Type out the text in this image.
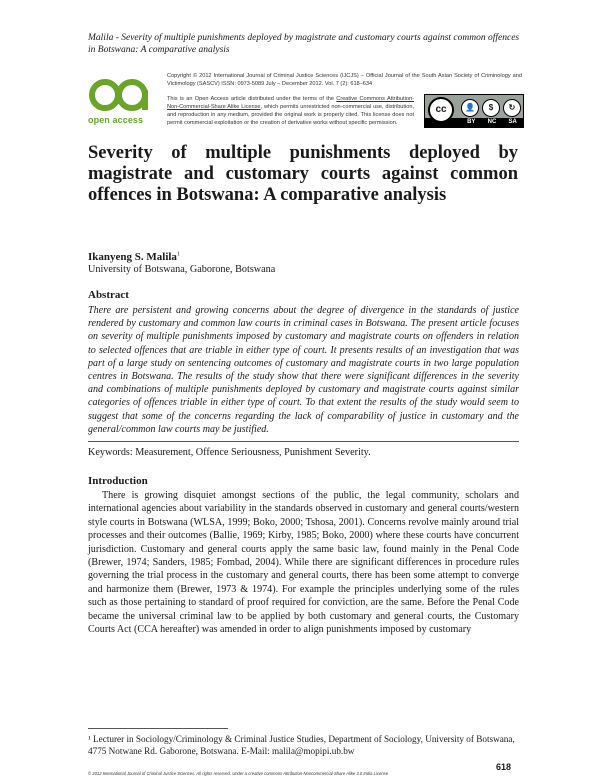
Malila - Severity of multiple punishments deployed by magistrate and customary courts against common offences in Botswana: A comparative analysis
open access
Copyright © 2012 International Journal of Criminal Justice Sciences (IJCJS) – Official Journal of the South Asian Society of Criminology and Victimology (SASCV) ISSN: 0973-5089 July – December 2012. Vol. 7 (2): 618–634
This is an Open Access article distributed under the terms of the Creative Commons Attribution-Non-Commercial-Share Alike License, which permits unrestricted non-commercial use, distribution, and reproduction in any medium, provided the original work is properly cited. This license does not permit commercial exploitation or the creation of derivative works without specific permission.
cc	👤	$	↻
BY NC SA
Severity of multiple punishments deployed by magistrate and customary courts against common offences in Botswana: A comparative analysis
Ikanyeng S. Malila$^1$
University of Botswana, Gaborone, Botswana
Abstract
There are persistent and growing concerns about the degree of divergence in the standards of justice rendered by customary and common law courts in criminal cases in Botswana. The present article focuses on severity of multiple punishments imposed by customary and magistrate courts on offenders in relation to selected offences that are triable in either type of court. It presents results of an investigation that was part of a large study on sentencing outcomes of customary and magistrate courts in two large population centres in Botswana. The results of the study show that there were significant differences in the severity and combinations of multiple punishments deployed by customary and magistrate courts against similar categories of offences triable in either type of court. To that extent the results of the study would seem to suggest that some of the concerns regarding the lack of comparability of justice in customary and the general/common law courts may be justified.
Keywords: Measurement, Offence Seriousness, Punishment Severity.
Introduction
There is growing disquiet amongst sections of the public, the legal community, scholars and international agencies about variability in the standards observed in customary and general courts/western style courts in Botswana (WLSA, 1999; Boko, 2000; Tshosa, 2001). Concerns revolve mainly around trial processes and their outcomes (Ballie, 1969; Kirby, 1985; Boko, 2000) where these courts have concurrent jurisdiction. Customary and general courts apply the same basic law, found mainly in the Penal Code (Brewer, 1974; Sanders, 1985; Fombad, 2004). While there are significant differences in procedure rules governing the trial process in the customary and general courts, there has been some attempt to converge and harmonize them (Brewer, 1973 & 1974). For example the principles underlying some of the rules such as those pertaining to standard of proof required for conviction, are the same. Before the Penal Code became the universal criminal law to be applied by both customary and general courts, the Customary Courts Act (CCA hereafter) was amended in order to align punishments imposed by customary
¹ Lecturer in Sociology/Criminology & Criminal Justice Studies, Department of Sociology, University of Botswana, 4775 Notwane Rd. Gaborone, Botswana. E-Mail: malila@mopipi.ub.bw
618
© 2012 International Journal of Criminal Justice Sciences. All rights reserved. Under a creative commons Attribution-Noncommercial-Share Alike 3.0 India License
